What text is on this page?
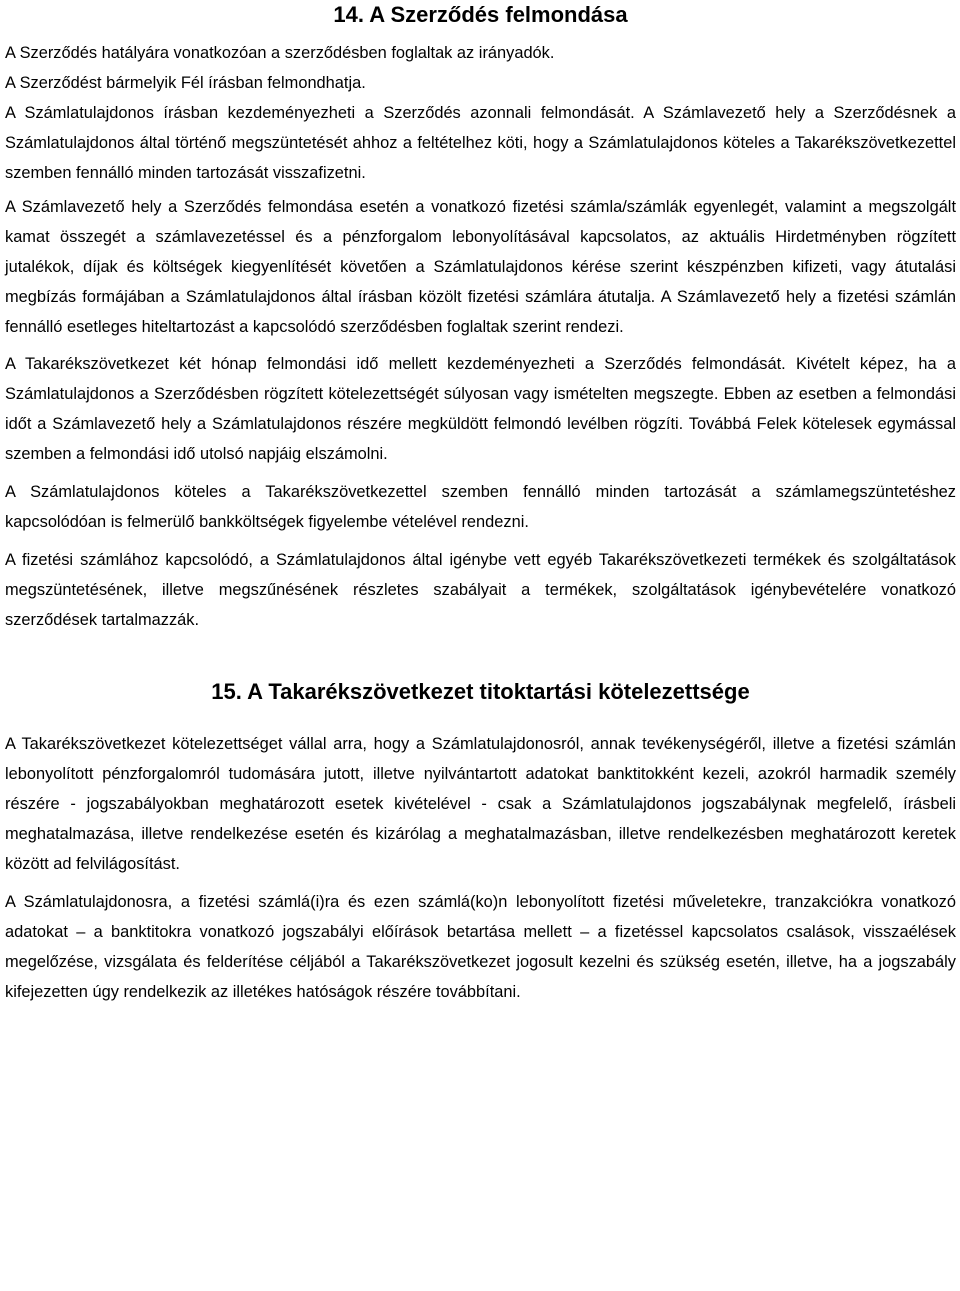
14. A Szerződés felmondása

A Szerződés hatályára vonatkozóan a szerződésben foglaltak az irányadók.

A Szerződést bármelyik Fél írásban felmondhatja.

A Számlatulajdonos írásban kezdeményezheti a Szerződés azonnali felmondását. A Számlavezető hely a Szerződésnek a Számlatulajdonos által történő megszüntetését ahhoz a feltételhez köti, hogy a Számlatulajdonos köteles a Takarékszövetkezettel szemben fennálló minden tartozását visszafizetni.

A Számlavezető hely a Szerződés felmondása esetén a vonatkozó fizetési számla/számlák egyenlegét, valamint a megszolgált kamat összegét a számlavezetéssel és a pénzforgalom lebonyolításával kapcsolatos, az aktuális Hirdetményben rögzített jutalékok, díjak és költségek kiegyenlítését követően a Számlatulajdonos kérése szerint készpénzben kifizeti, vagy átutalási megbízás formájában a Számlatulajdonos által írásban közölt fizetési számlára átutalja. A Számlavezető hely a fizetési számlán fennálló esetleges hiteltartozást a kapcsolódó szerződésben foglaltak szerint rendezi.

A Takarékszövetkezet két hónap felmondási idő mellett kezdeményezheti a Szerződés felmondását. Kivételt képez, ha a Számlatulajdonos a Szerződésben rögzített kötelezettségét súlyosan vagy ismételten megszegte. Ebben az esetben a felmondási időt a Számlavezető hely a Számlatulajdonos részére megküldött felmondó levélben rögzíti. Továbbá Felek kötelesek egymással szemben a felmondási idő utolsó napjáig elszámolni.

A Számlatulajdonos köteles a Takarékszövetkezettel szemben fennálló minden tartozását a számlamegszüntetéshez kapcsolódóan is felmerülő bankköltségek figyelembe vételével rendezni.

A fizetési számlához kapcsolódó, a Számlatulajdonos által igénybe vett egyéb Takarékszövetkezeti termékek és szolgáltatások megszüntetésének, illetve megszűnésének részletes szabályait a termékek, szolgáltatások igénybevételére vonatkozó szerződések tartalmazzák.

15. A Takarékszövetkezet titoktartási kötelezettsége

A Takarékszövetkezet kötelezettséget vállal arra, hogy a Számlatulajdonosról, annak tevékenységéről, illetve a fizetési számlán lebonyolított pénzforgalomról tudomására jutott, illetve nyilvántartott adatokat banktitokként kezeli, azokról harmadik személy részére - jogszabályokban meghatározott esetek kivételével - csak a Számlatulajdonos jogszabálynak megfelelő, írásbeli meghatalmazása, illetve rendelkezése esetén és kizárólag a meghatalmazásban, illetve rendelkezésben meghatározott keretek között ad felvilágosítást.

A Számlatulajdonosra, a fizetési számlá(i)ra és ezen számlá(ko)n lebonyolított fizetési műveletekre, tranzakciókra vonatkozó adatokat – a banktitokra vonatkozó jogszabályi előírások betartása mellett – a fizetéssel kapcsolatos csalások, visszaélések megelőzése, vizsgálata és felderítése céljából a Takarékszövetkezet jogosult kezelni és szükség esetén, illetve, ha a jogszabály kifejezetten úgy rendelkezik az illetékes hatóságok részére továbbítani.
